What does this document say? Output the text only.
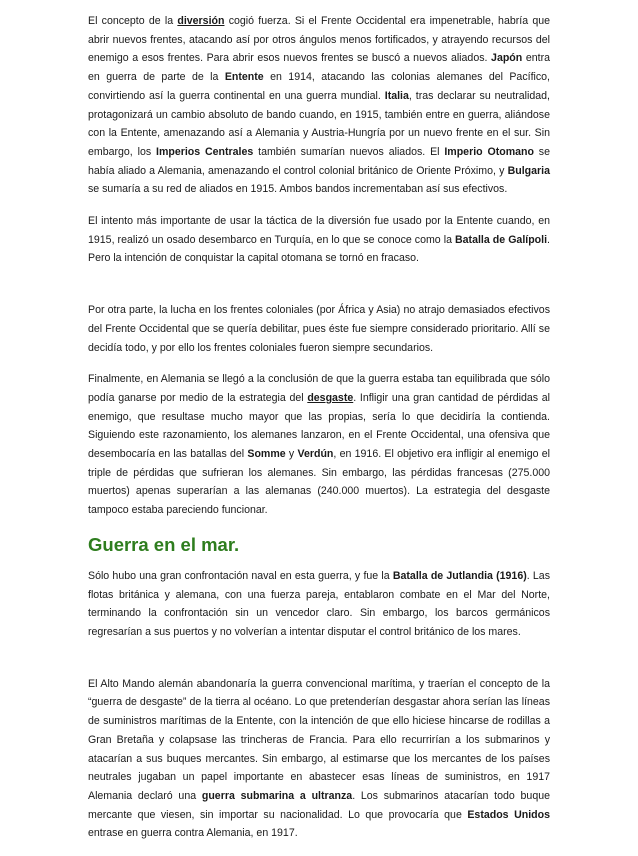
El concepto de la diversión cogió fuerza. Si el Frente Occidental era impenetrable, habría que abrir nuevos frentes, atacando así por otros ángulos menos fortificados, y atrayendo recursos del enemigo a esos frentes. Para abrir esos nuevos frentes se buscó a nuevos aliados. Japón entra en guerra de parte de la Entente en 1914, atacando las colonias alemanes del Pacífico, convirtiendo así la guerra continental en una guerra mundial. Italia, tras declarar su neutralidad, protagonizará un cambio absoluto de bando cuando, en 1915, también entre en guerra, aliándose con la Entente, amenazando así a Alemania y Austria-Hungría por un nuevo frente en el sur. Sin embargo, los Imperios Centrales también sumarían nuevos aliados. El Imperio Otomano se había aliado a Alemania, amenazando el control colonial británico de Oriente Próximo, y Bulgaria se sumaría a su red de aliados en 1915. Ambos bandos incrementaban así sus efectivos.

El intento más importante de usar la táctica de la diversión fue usado por la Entente cuando, en 1915, realizó un osado desembarco en Turquía, en lo que se conoce como la Batalla de Galípoli. Pero la intención de conquistar la capital otomana se tornó en fracaso.

Por otra parte, la lucha en los frentes coloniales (por África y Asia) no atrajo demasiados efectivos del Frente Occidental que se quería debilitar, pues éste fue siempre considerado prioritario. Allí se decidía todo, y por ello los frentes coloniales fueron siempre secundarios.

Finalmente, en Alemania se llegó a la conclusión de que la guerra estaba tan equilibrada que sólo podía ganarse por medio de la estrategia del desgaste. Infligir una gran cantidad de pérdidas al enemigo, que resultase mucho mayor que las propias, sería lo que decidiría la contienda. Siguiendo este razonamiento, los alemanes lanzaron, en el Frente Occidental, una ofensiva que desembocaría en las batallas del Somme y Verdún, en 1916. El objetivo era infligir al enemigo el triple de pérdidas que sufrieran los alemanes. Sin embargo, las pérdidas francesas (275.000 muertos) apenas superarían a las alemanas (240.000 muertos). La estrategia del desgaste tampoco estaba pareciendo funcionar.

Guerra en el mar.

Sólo hubo una gran confrontación naval en esta guerra, y fue la Batalla de Jutlandia (1916). Las flotas británica y alemana, con una fuerza pareja, entablaron combate en el Mar del Norte, terminando la confrontación sin un vencedor claro. Sin embargo, los barcos germánicos regresarían a sus puertos y no volverían a intentar disputar el control británico de los mares.

El Alto Mando alemán abandonaría la guerra convencional marítima, y traerían el concepto de la “guerra de desgaste” de la tierra al océano. Lo que pretenderían desgastar ahora serían las líneas de suministros marítimas de la Entente, con la intención de que ello hiciese hincarse de rodillas a Gran Bretaña y colapsase las trincheras de Francia. Para ello recurrirían a los submarinos y atacarían a sus buques mercantes. Sin embargo, al estimarse que los mercantes de los países neutrales jugaban un papel importante en abastecer esas líneas de suministros, en 1917 Alemania declaró una guerra submarina a ultranza. Los submarinos atacarían todo buque mercante que viesen, sin importar su nacionalidad. Lo que provocaría que Estados Unidos entrase en guerra contra Alemania, en 1917.
